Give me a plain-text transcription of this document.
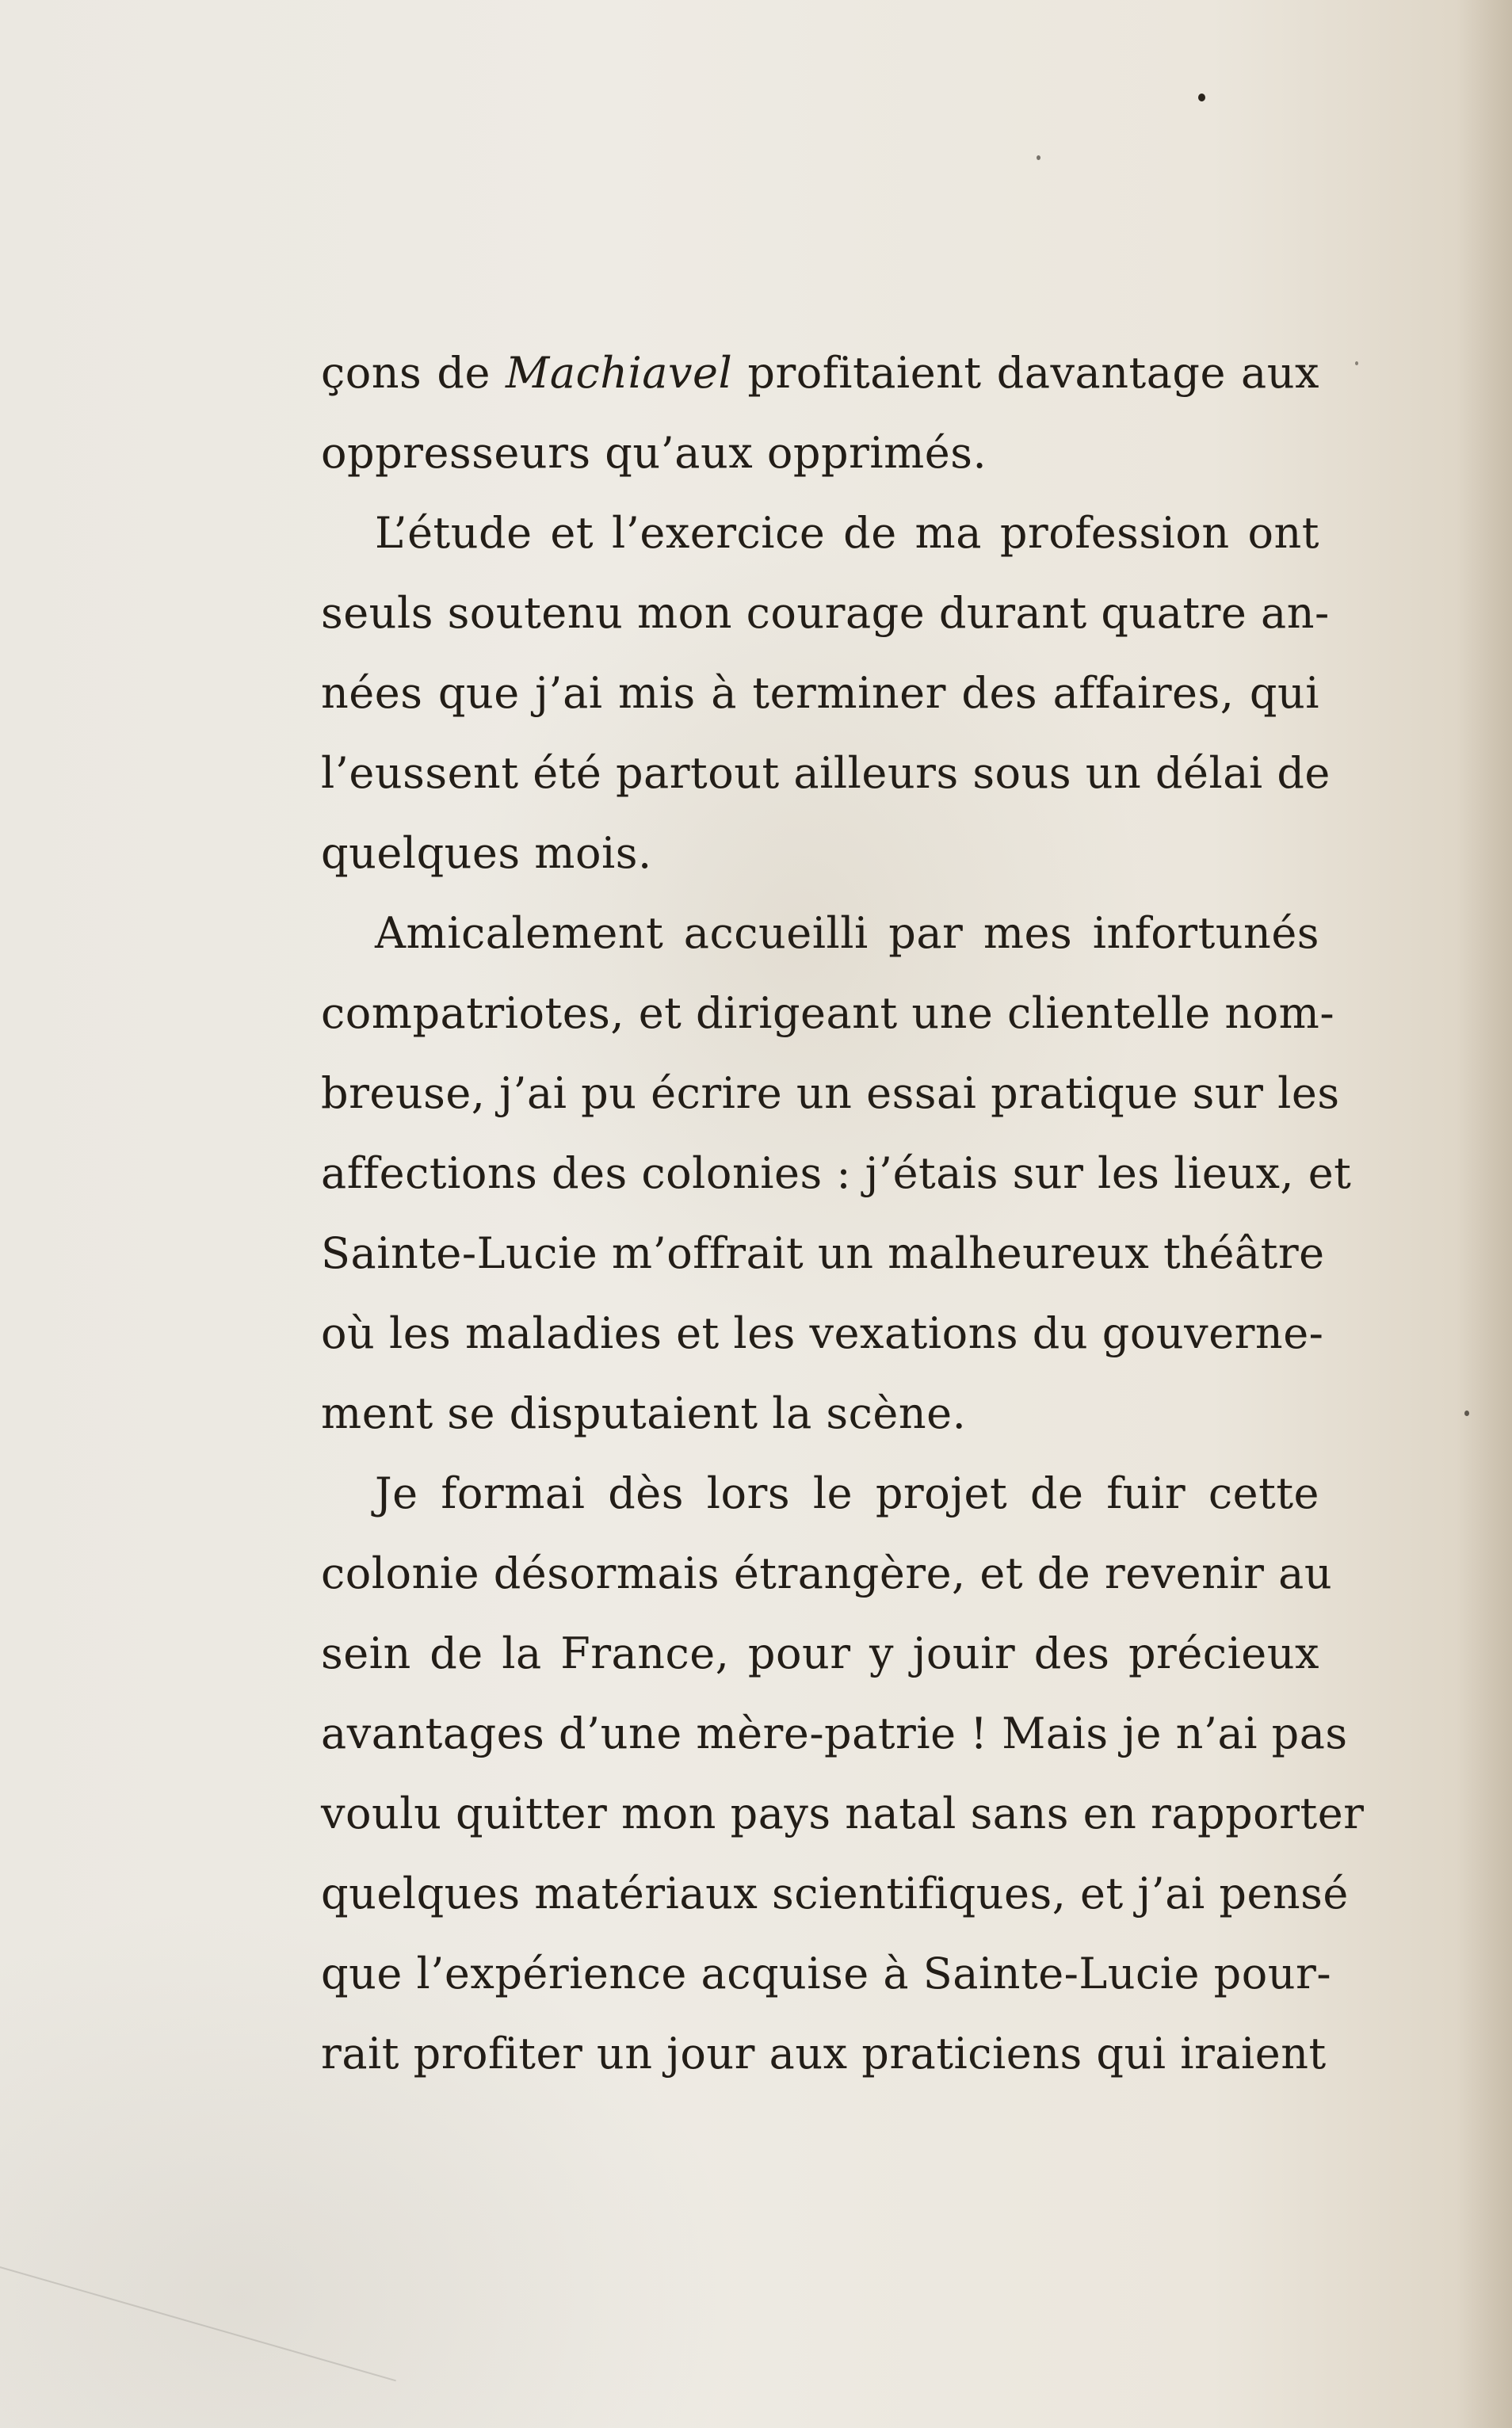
çons de Machiavel profitaient davantage aux
oppresseurs qu’aux opprimés.

L’étude et l’exercice de ma profession ont
seuls soutenu mon courage durant quatre an-
nées que j’ai mis à terminer des affaires, qui
l’eussent été partout ailleurs sous un délai de
quelques mois.

Amicalement accueilli par mes infortunés
compatriotes, et dirigeant une clientelle nom-
breuse, j’ai pu écrire un essai pratique sur les
affections des colonies : j’étais sur les lieux, et
Sainte-Lucie m’offrait un malheureux théâtre
où les maladies et les vexations du gouverne-
ment se disputaient la scène.

Je formai dès lors le projet de fuir cette
colonie désormais étrangère, et de revenir au
sein de la France, pour y jouir des précieux
avantages d’une mère-patrie ! Mais je n’ai pas
voulu quitter mon pays natal sans en rapporter
quelques matériaux scientifiques, et j’ai pensé
que l’expérience acquise à Sainte-Lucie pour-
rait profiter un jour aux praticiens qui iraient
